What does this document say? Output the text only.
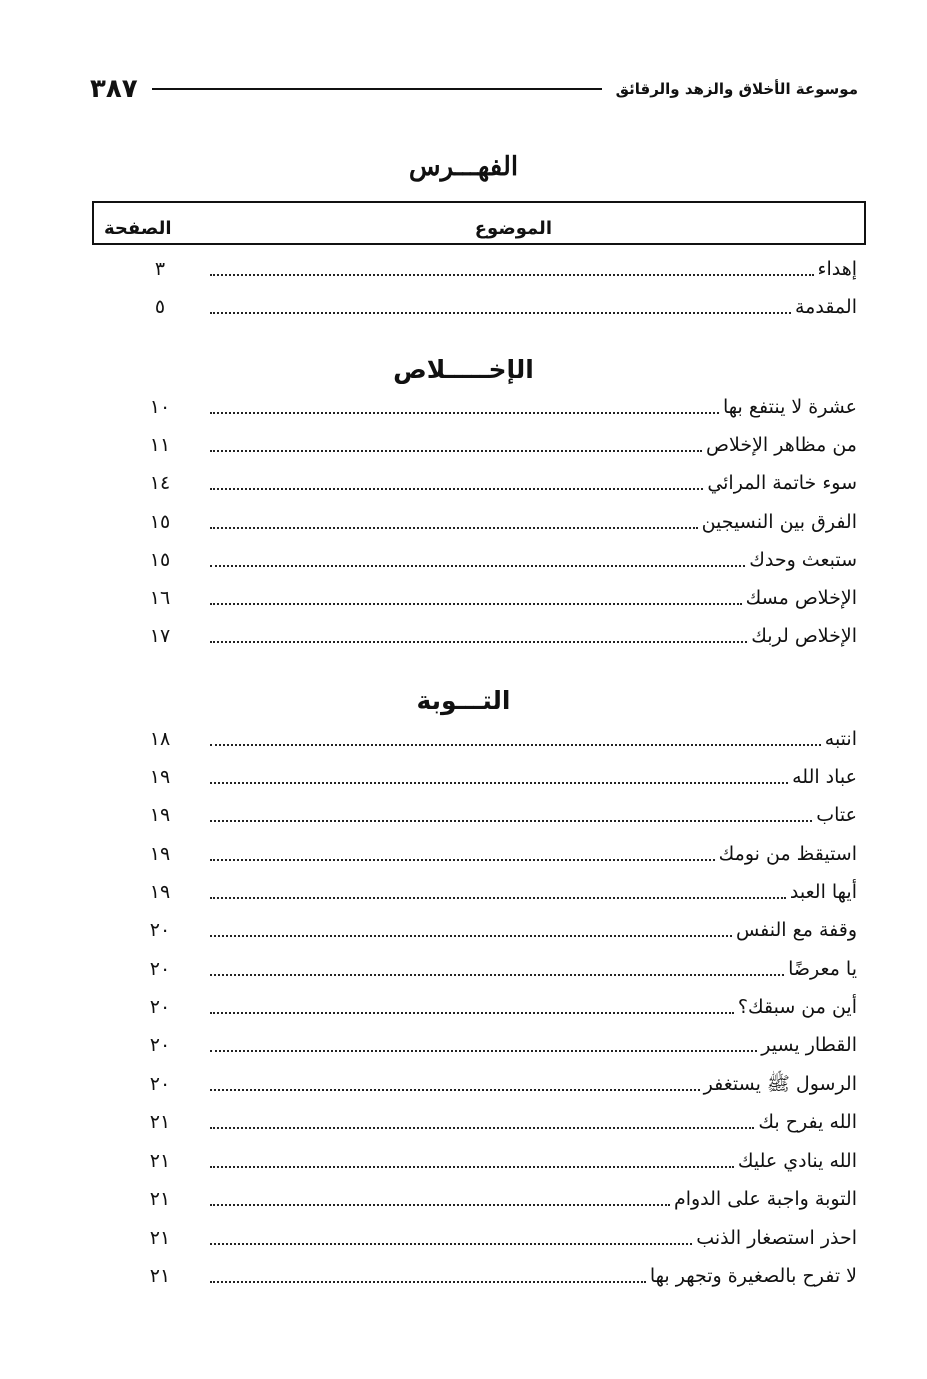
موسوعة الأخلاق والزهد والرقائق
٣٨٧
الفهـــرس
الموضوع
الصفحة
إهداء
٣
المقدمة
٥
الإخـــــلاص
عشرة لا ينتفع بها
١٠
من مظاهر الإخلاص
١١
سوء خاتمة المرائي
١٤
الفرق بين النسيجين
١٥
ستبعث وحدك
١٥
الإخلاص مسك
١٦
الإخلاص لربك
١٧
التـــوبة
انتبه
١٨
عباد الله
١٩
عتاب
١٩
استيقظ من نومك
١٩
أيها العبد
١٩
وقفة مع النفس
٢٠
يا معرضًا
٢٠
أين من سبقك؟
٢٠
القطار يسير
٢٠
الرسول ﷺ يستغفر
٢٠
الله يفرح بك
٢١
الله ينادي عليك
٢١
التوبة واجبة على الدوام
٢١
احذر استصغار الذنب
٢١
لا تفرح بالصغيرة وتجهر بها
٢١
